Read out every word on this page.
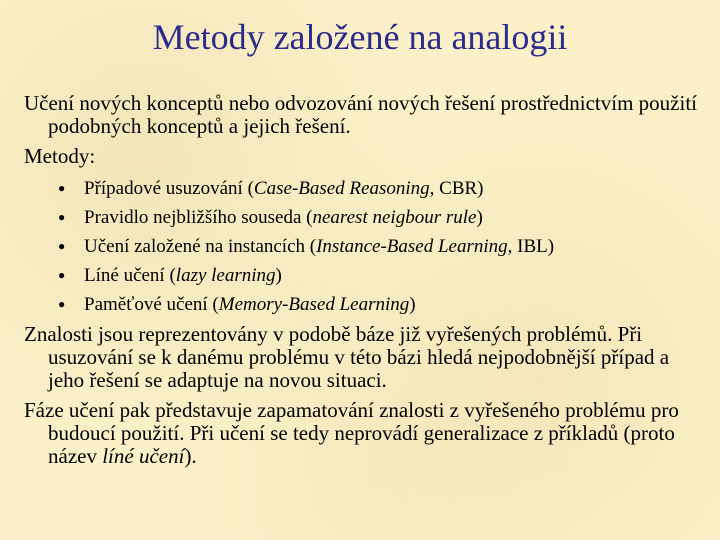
Metody založené na analogii

Učení nových konceptů nebo odvozování nových řešení prostřednictvím použití podobných konceptů a jejich řešení.

Metody:

● Případové usuzování (Case-Based Reasoning, CBR)
● Pravidlo nejbližšího souseda (nearest neigbour rule)
● Učení založené na instancích (Instance-Based Learning, IBL)
● Líné učení (lazy learning)
● Paměťové učení (Memory-Based Learning)

Znalosti jsou reprezentovány v podobě báze již vyřešených problémů. Při usuzování se k danému problému v této bázi hledá nejpodobnější případ a jeho řešení se adaptuje na novou situaci.

Fáze učení pak představuje zapamatování znalosti z vyřešeného problému pro budoucí použití. Při učení se tedy neprovádí generalizace z příkladů (proto název líné učení).
